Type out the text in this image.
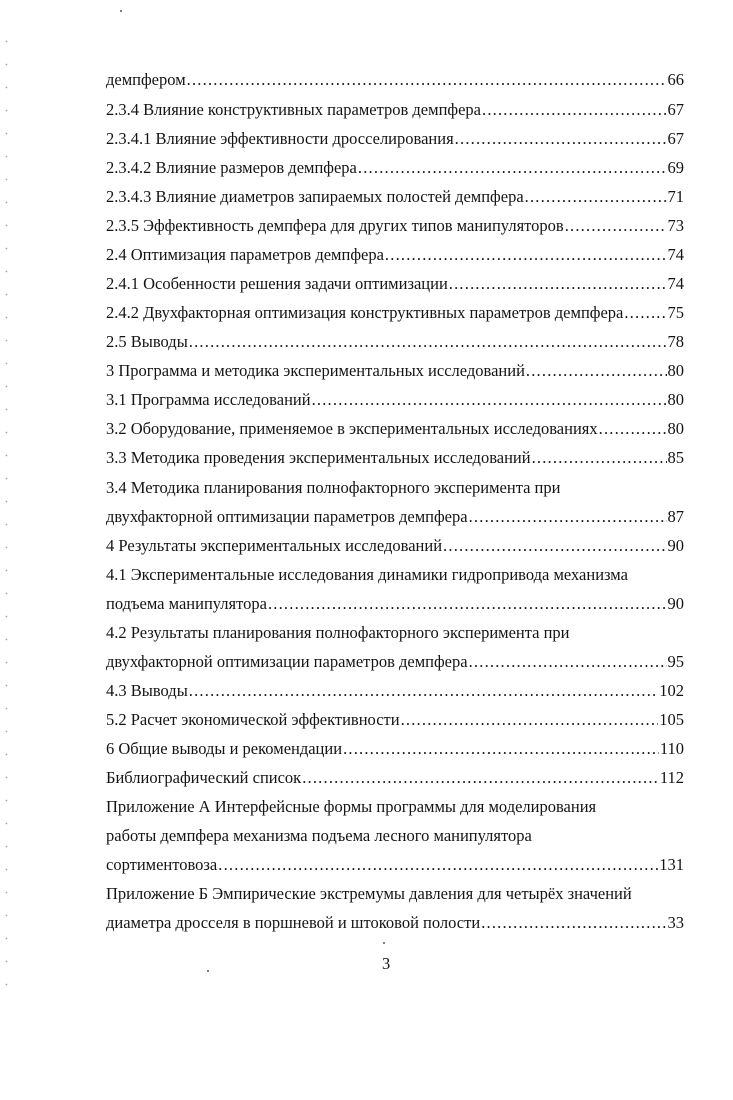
демпфером .....	66
2.3.4 Влияние конструктивных параметров демпфера .....	67
2.3.4.1 Влияние эффективности дросселирования .....	67
2.3.4.2 Влияние размеров демпфера .....	69
2.3.4.3 Влияние диаметров запираемых полостей демпфера .....	71
2.3.5 Эффективность демпфера для других типов манипуляторов .....	73
2.4 Оптимизация параметров демпфера .....	74
2.4.1 Особенности решения задачи оптимизации .....	74
2.4.2 Двухфакторная оптимизация конструктивных параметров демпфера .....	75
2.5 Выводы .....	78
3 Программа и методика экспериментальных исследований .....	80
3.1 Программа исследований .....	80
3.2 Оборудование, применяемое в экспериментальных исследованиях .....	80
3.3 Методика проведения экспериментальных исследований .....	85
3.4 Методика планирования полнофакторного эксперимента при
двухфакторной оптимизации параметров демпфера .....	87
4 Результаты экспериментальных исследований .....	90
4.1 Экспериментальные исследования динамики гидропривода механизма
подъема манипулятора .....	90
4.2 Результаты планирования полнофакторного эксперимента при
двухфакторной оптимизации параметров демпфера .....	95
4.3 Выводы .....	102
5.2 Расчет экономической эффективности .....	105
6 Общие выводы и рекомендации .....	110
Библиографический список .....	112
Приложение А Интерфейсные формы программы для моделирования
работы демпфера механизма подъема лесного манипулятора
сортиментовоза .....	131
Приложение Б Эмпирические экстремумы давления для четырёх значений
диаметра дросселя в поршневой и штоковой полости .....	33
3
